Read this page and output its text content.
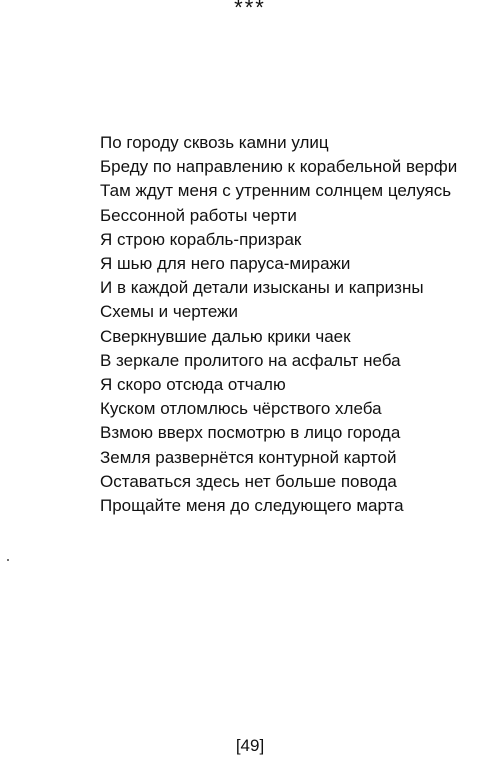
***
По городу сквозь камни улиц
Бреду по направлению к корабельной верфи
Там ждут меня с утренним солнцем целуясь
Бессонной работы черти
Я строю корабль-призрак
Я шью для него паруса-миражи
И в каждой детали изысканы и капризны
Схемы и чертежи
Сверкнувшие далью крики чаек
В зеркале пролитого на асфальт неба
Я скоро отсюда отчалю
Куском отломлюсь чёрствого хлеба
Взмою вверх посмотрю в лицо города
Земля развернётся контурной картой
Оставаться здесь нет больше повода
Прощайте меня до следующего марта
[49]
